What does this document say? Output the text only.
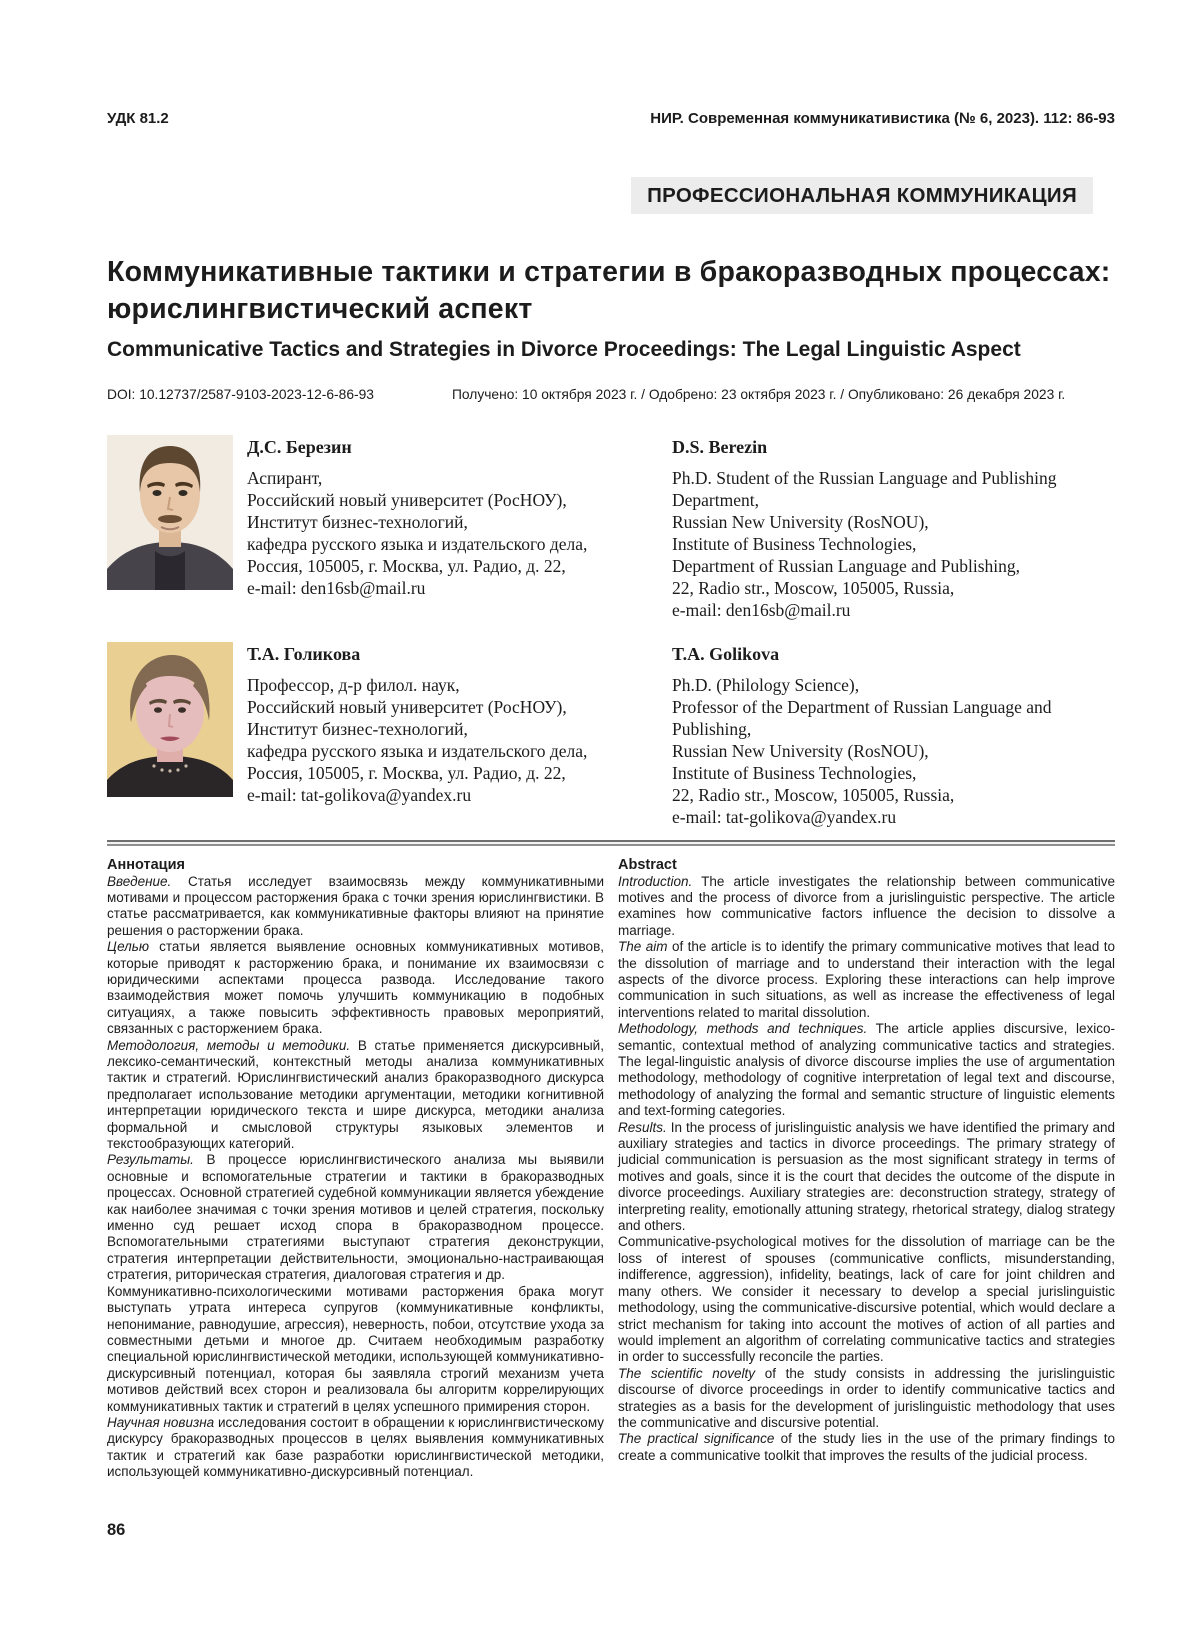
УДК 81.2	НИР. Современная коммуникативистика (№ 6, 2023). 112: 86-93
ПРОФЕССИОНАЛЬНАЯ КОММУНИКАЦИЯ
Коммуникативные тактики и стратегии в бракоразводных процессах: юрислингвистический аспект
Communicative Tactics and Strategies in Divorce Proceedings: The Legal Linguistic Aspect
DOI: 10.12737/2587-9103-2023-12-6-86-93	Получено: 10 октября 2023 г. / Одобрено: 23 октября 2023 г. / Опубликовано: 26 декабря 2023 г.
Д.С. Березин
Аспирант,
Российский новый университет (РосНОУ),
Институт бизнес-технологий,
кафедра русского языка и издательского дела,
Россия, 105005, г. Москва, ул. Радио, д. 22,
e-mail: den16sb@mail.ru
D.S. Berezin
Ph.D. Student of the Russian Language and Publishing Department,
Russian New University (RosNOU),
Institute of Business Technologies,
Department of Russian Language and Publishing,
22, Radio str., Moscow, 105005, Russia,
e-mail: den16sb@mail.ru
Т.А. Голикова
Профессор, д-р филол. наук,
Российский новый университет (РосНОУ),
Институт бизнес-технологий,
кафедра русского языка и издательского дела,
Россия, 105005, г. Москва, ул. Радио, д. 22,
e-mail: tat-golikova@yandex.ru
T.A. Golikova
Ph.D. (Philology Science),
Professor of the Department of Russian Language and Publishing,
Russian New University (RosNOU),
Institute of Business Technologies,
22, Radio str., Moscow, 105005, Russia,
e-mail: tat-golikova@yandex.ru
Аннотация

Введение. Статья исследует взаимосвязь между коммуникативными мотивами и процессом расторжения брака с точки зрения юрислингвистики. В статье рассматривается, как коммуникативные факторы влияют на принятие решения о расторжении брака.

Целью статьи является выявление основных коммуникативных мотивов, которые приводят к расторжению брака, и понимание их взаимосвязи с юридическими аспектами процесса развода. Исследование такого взаимодействия может помочь улучшить коммуникацию в подобных ситуациях, а также повысить эффективность правовых мероприятий, связанных с расторжением брака.

Методология, методы и методики. В статье применяется дискурсивный, лексико-семантический, контекстный методы анализа коммуникативных тактик и стратегий. Юрислингвистический анализ бракоразводного дискурса предполагает использование методики аргументации, методики когнитивной интерпретации юридического текста и шире дискурса, методики анализа формальной и смысловой структуры языковых элементов и текстообразующих категорий.

Результаты. В процессе юрислингвистического анализа мы выявили основные и вспомогательные стратегии и тактики в бракоразводных процессах. Основной стратегией судебной коммуникации является убеждение как наиболее значимая с точки зрения мотивов и целей стратегия, поскольку именно суд решает исход спора в бракоразводном процессе. Вспомогательными стратегиями выступают стратегия деконструкции, стратегия интерпретации действительности, эмоционально-настраивающая стратегия, риторическая стратегия, диалоговая стратегия и др.

Коммуникативно-психологическими мотивами расторжения брака могут выступать утрата интереса супругов (коммуникативные конфликты, непонимание, равнодушие, агрессия), неверность, побои, отсутствие ухода за совместными детьми и многое др. Считаем необходимым разработку специальной юрислингвистической методики, использующей коммуникативно-дискурсивный потенциал, которая бы заявляла строгий механизм учета мотивов действий всех сторон и реализовала бы алгоритм коррелирующих коммуникативных тактик и стратегий в целях успешного примирения сторон.

Научная новизна исследования состоит в обращении к юрислингвистическому дискурсу бракоразводных процессов в целях выявления коммуникативных тактик и стратегий как базе разработки юрислингвистической методики, использующей коммуникативно-дискурсивный потенциал.

Abstract

Introduction. The article investigates the relationship between communicative motives and the process of divorce from a jurislinguistic perspective. The article examines how communicative factors influence the decision to dissolve a marriage.

The aim of the article is to identify the primary communicative motives that lead to the dissolution of marriage and to understand their interaction with the legal aspects of the divorce process. Exploring these interactions can help improve communication in such situations, as well as increase the effectiveness of legal interventions related to marital dissolution.

Methodology, methods and techniques. The article applies discursive, lexico-semantic, contextual method of analyzing communicative tactics and strategies. The legal-linguistic analysis of divorce discourse implies the use of argumentation methodology, methodology of cognitive interpretation of legal text and discourse, methodology of analyzing the formal and semantic structure of linguistic elements and text-forming categories.

Results. In the process of jurislinguistic analysis we have identified the primary and auxiliary strategies and tactics in divorce proceedings. The primary strategy of judicial communication is persuasion as the most significant strategy in terms of motives and goals, since it is the court that decides the outcome of the dispute in divorce proceedings. Auxiliary strategies are: deconstruction strategy, strategy of interpreting reality, emotionally attuning strategy, rhetorical strategy, dialog strategy and others.

Communicative-psychological motives for the dissolution of marriage can be the loss of interest of spouses (communicative conflicts, misunderstanding, indifference, aggression), infidelity, beatings, lack of care for joint children and many others. We consider it necessary to develop a special jurislinguistic methodology, using the communicative-discursive potential, which would declare a strict mechanism for taking into account the motives of action of all parties and would implement an algorithm of correlating communicative tactics and strategies in order to successfully reconcile the parties.

The scientific novelty of the study consists in addressing the jurislinguistic discourse of divorce proceedings in order to identify communicative tactics and strategies as a basis for the development of jurislinguistic methodology that uses the communicative and discursive potential.

The practical significance of the study lies in the use of the primary findings to create a communicative toolkit that improves the results of the judicial process.

86
